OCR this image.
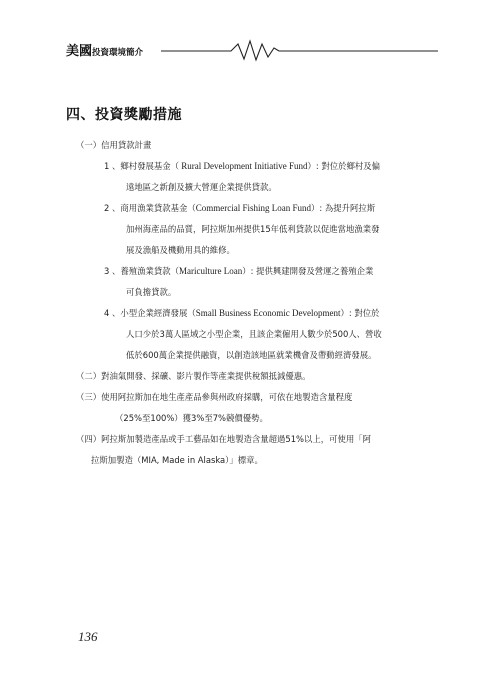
美國投資環境簡介
四、投資獎勵措施
（一）信用貸款計畫
1 、鄉村發展基金（ Rural Development Initiative Fund）: 對位於鄉村及偏
遠地區之新創及擴大營運企業提供貸款。
2 、商用漁業貸款基金（Commercial Fishing Loan Fund）: 為提升阿拉斯
加州海產品的品質，阿拉斯加州提供15年低利貸款以促進當地漁業發
展及漁船及機動用具的維修。
3 、養殖漁業貸款（Mariculture Loan）: 提供興建開發及營運之養殖企業
可負擔貸款。
4 、小型企業經濟發展（Small Business Economic Development）: 對位於
人口少於3萬人區域之小型企業，且該企業僱用人數少於500人、營收
低於600萬企業提供融資，以創造該地區就業機會及帶動經濟發展。
（二）對油氣開發、採礦、影片製作等產業提供稅額抵減優惠。
（三）使用阿拉斯加在地生產產品參與州政府採購，可依在地製造含量程度
（25%至100%）獲3%至7%競價優勢。
（四）阿拉斯加製造產品或手工藝品如在地製造含量超過51%以上，可使用「阿
拉斯加製造（MIA, Made in Alaska）」標章。
136
